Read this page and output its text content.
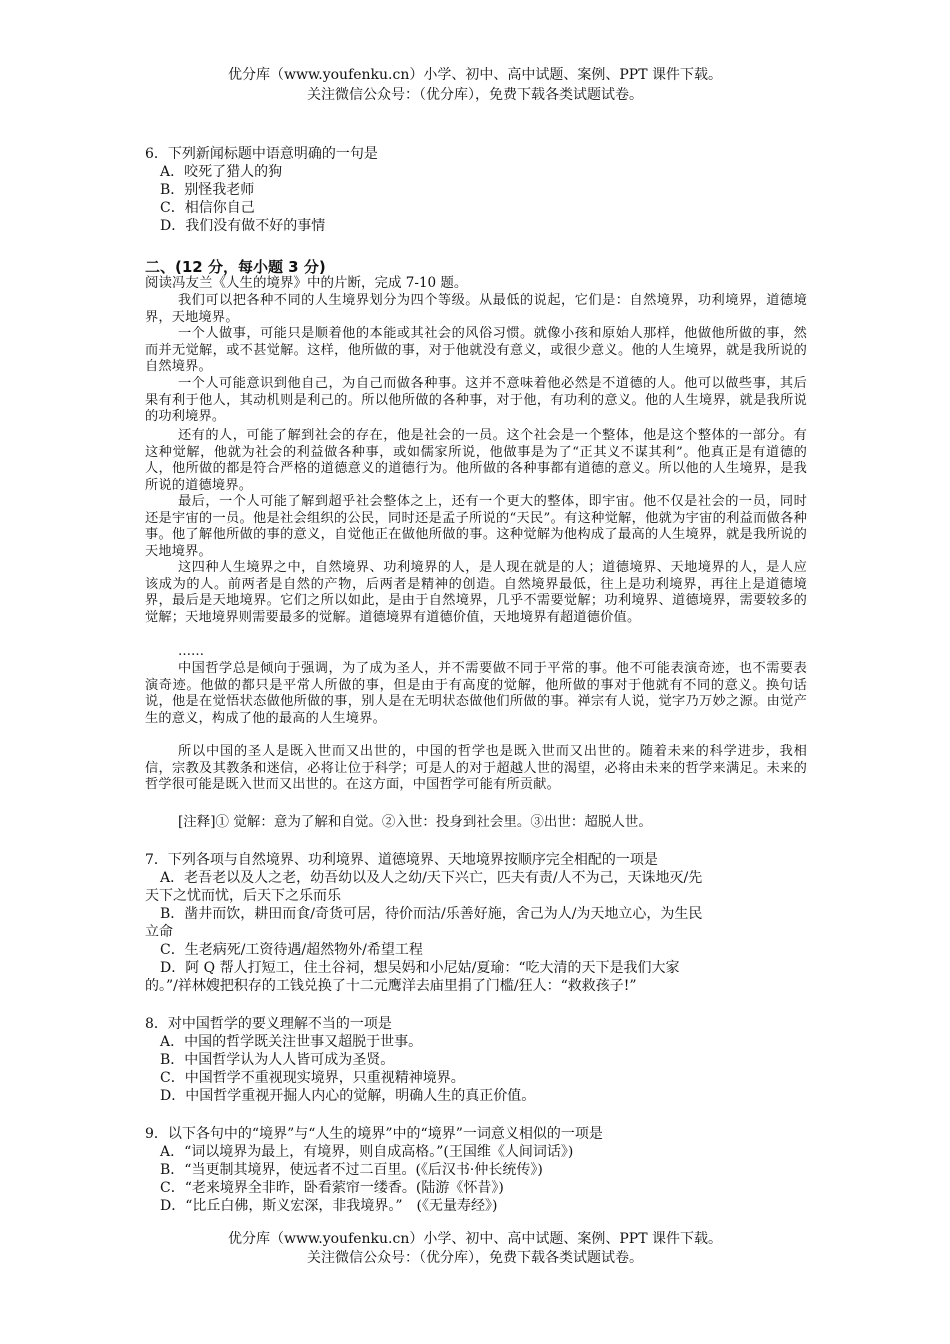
优分库（www.youfenku.cn）小学、初中、高中试题、案例、PPT 课件下载。
关注微信公众号：（优分库），免费下载各类试题试卷。
6．下列新闻标题中语意明确的一句是
A．咬死了猎人的狗
B．别怪我老师
C．相信你自己
D．我们没有做不好的事情
二、(12 分，每小题 3 分)
阅读冯友兰《人生的境界》中的片断，完成 7-10 题。
我们可以把各种不同的人生境界划分为四个等级。从最低的说起，它们是：自然境界，功利境界，道德境界，天地境界。
一个人做事，可能只是顺着他的本能或其社会的风俗习惯。就像小孩和原始人那样，他做他所做的事，然而并无觉解，或不甚觉解。这样，他所做的事，对于他就没有意义，或很少意义。他的人生境界，就是我所说的自然境界。
一个人可能意识到他自己，为自己而做各种事。这并不意味着他必然是不道德的人。他可以做些事，其后果有利于他人，其动机则是利己的。所以他所做的各种事，对于他，有功利的意义。他的人生境界，就是我所说的功利境界。
还有的人，可能了解到社会的存在，他是社会的一员。这个社会是一个整体，他是这个整体的一部分。有这种觉解，他就为社会的利益做各种事，或如儒家所说，他做事是为了“正其义不谋其利”。他真正是有道德的人，他所做的都是符合严格的道德意义的道德行为。他所做的各种事都有道德的意义。所以他的人生境界，是我所说的道德境界。
最后，一个人可能了解到超乎社会整体之上，还有一个更大的整体，即宇宙。他不仅是社会的一员，同时还是宇宙的一员。他是社会组织的公民，同时还是孟子所说的“天民”。有这种觉解，他就为宇宙的利益而做各种事。他了解他所做的事的意义，自觉他正在做他所做的事。这种觉解为他构成了最高的人生境界，就是我所说的天地境界。
这四种人生境界之中，自然境界、功利境界的人，是人现在就是的人；道德境界、天地境界的人，是人应该成为的人。前两者是自然的产物，后两者是精神的创造。自然境界最低，往上是功利境界，再往上是道德境界，最后是天地境界。它们之所以如此，是由于自然境界，几乎不需要觉解；功利境界、道德境界，需要较多的觉解；天地境界则需要最多的觉解。道德境界有道德价值，天地境界有超道德价值。
……
中国哲学总是倾向于强调，为了成为圣人，并不需要做不同于平常的事。他不可能表演奇迹，也不需要表演奇迹。他做的都只是平常人所做的事，但是由于有高度的觉解，他所做的事对于他就有不同的意义。换句话说，他是在觉悟状态做他所做的事，别人是在无明状态做他们所做的事。禅宗有人说，觉字乃万妙之源。由觉产生的意义，构成了他的最高的人生境界。
所以中国的圣人是既入世而又出世的，中国的哲学也是既入世而又出世的。随着未来的科学进步，我相信，宗教及其教条和迷信，必将让位于科学；可是人的对于超越人世的渴望，必将由未来的哲学来满足。未来的哲学很可能是既入世而又出世的。在这方面，中国哲学可能有所贡献。
[注释]① 觉解：意为了解和自觉。②入世：投身到社会里。③出世：超脱人世。
7．下列各项与自然境界、功利境界、道德境界、天地境界按顺序完全相配的一项是
A．老吾老以及人之老，幼吾幼以及人之幼/天下兴亡，匹夫有责/人不为己，天诛地灭/先
天下之忧而忧，后天下之乐而乐
B．凿井而饮，耕田而食/奇货可居，待价而沽/乐善好施，舍己为人/为天地立心，为生民
立命
C．生老病死/工资待遇/超然物外/希望工程
D．阿 Q 帮人打短工，住土谷祠，想吴妈和小尼姑/夏瑜：“吃大清的天下是我们大家
的。”/祥林嫂把积存的工钱兑换了十二元鹰洋去庙里捐了门槛/狂人：“救救孩子!”
8．对中国哲学的要义理解不当的一项是
A．中国的哲学既关注世事又超脱于世事。
B．中国哲学认为人人皆可成为圣贤。
C．中国哲学不重视现实境界，只重视精神境界。
D．中国哲学重视开掘人内心的觉解，明确人生的真正价值。
9．以下各句中的“境界”与“人生的境界”中的“境界”一词意义相似的一项是
A．“词以境界为最上，有境界，则自成高格。”(王国维《人间词话》)
B．“当更制其境界，使远者不过二百里。(《后汉书·仲长统传》)
C．“老来境界全非昨，卧看萦帘一缕香。(陆游《怀昔》)
D．“比丘白佛，斯义宏深，非我境界。”　(《无量寿经》)
优分库（www.youfenku.cn）小学、初中、高中试题、案例、PPT 课件下载。
关注微信公众号：（优分库），免费下载各类试题试卷。
